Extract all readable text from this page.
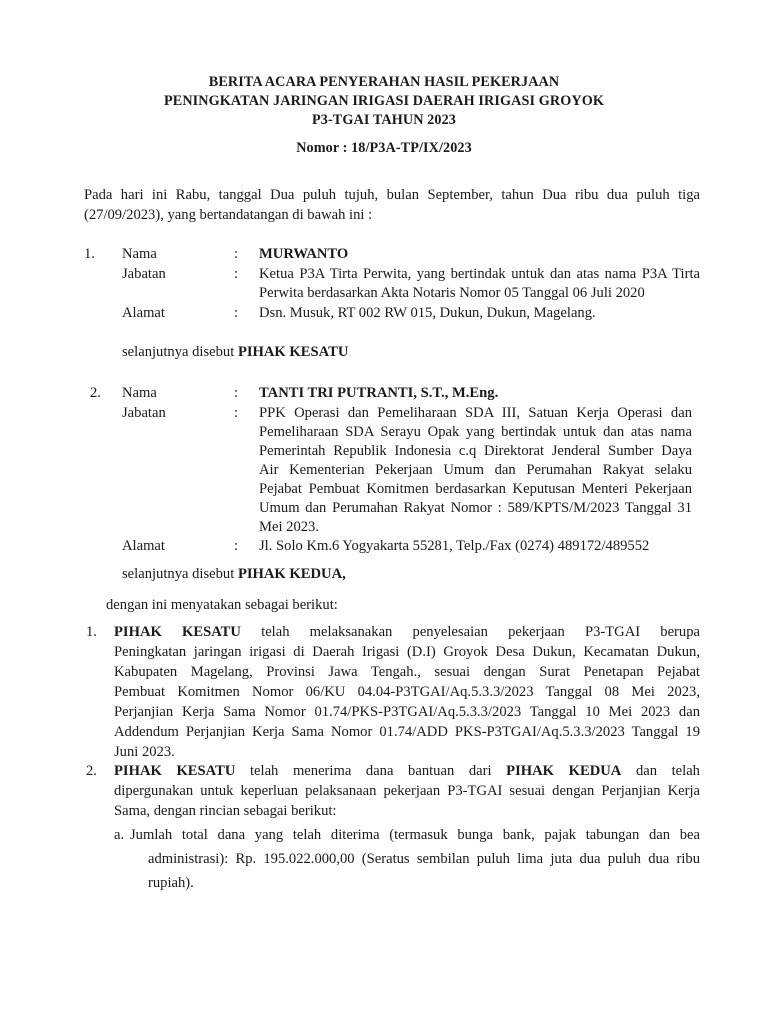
BERITA ACARA PENYERAHAN HASIL PEKERJAAN
PENINGKATAN JARINGAN IRIGASI DAERAH IRIGASI GROYOK
P3-TGAI TAHUN 2023
Nomor : 18/P3A-TP/IX/2023
Pada hari ini Rabu, tanggal Dua puluh tujuh, bulan September, tahun Dua ribu dua puluh tiga
(27/09/2023), yang bertandatangan di bawah ini :
1. Nama	: MURWANTO
Jabatan	: Ketua P3A Tirta Perwita, yang bertindak untuk dan atas nama P3A Tirta
Perwita berdasarkan Akta Notaris Nomor 05 Tanggal 06 Juli 2020
Alamat	: Dsn. Musuk, RT 002 RW 015, Dukun, Dukun, Magelang.
selanjutnya disebut PIHAK KESATU
2. Nama	: TANTI TRI PUTRANTI, S.T., M.Eng.
Jabatan	: PPK Operasi dan Pemeliharaan SDA III, Satuan Kerja Operasi dan
Pemeliharaan SDA Serayu Opak yang bertindak untuk dan atas nama
Pemerintah Republik Indonesia c.q Direktorat Jenderal Sumber Daya
Air Kementerian Pekerjaan Umum dan Perumahan Rakyat selaku
Pejabat Pembuat Komitmen berdasarkan Keputusan Menteri Pekerjaan
Umum dan Perumahan Rakyat Nomor : 589/KPTS/M/2023 Tanggal 31
Mei 2023.
Alamat	: Jl. Solo Km.6 Yogyakarta 55281, Telp./Fax (0274) 489172/489552
selanjutnya disebut PIHAK KEDUA,
dengan ini menyatakan sebagai berikut:
1. PIHAK KESATU telah melaksanakan penyelesaian pekerjaan P3-TGAI berupa
Peningkatan jaringan irigasi di Daerah Irigasi (D.I) Groyok Desa Dukun, Kecamatan Dukun,
Kabupaten Magelang, Provinsi Jawa Tengah., sesuai dengan Surat Penetapan Pejabat
Pembuat Komitmen Nomor 06/KU 04.04-P3TGAI/Aq.5.3.3/2023 Tanggal 08 Mei 2023,
Perjanjian Kerja Sama Nomor 01.74/PKS-P3TGAI/Aq.5.3.3/2023 Tanggal 10 Mei 2023 dan
Addendum Perjanjian Kerja Sama Nomor 01.74/ADD PKS-P3TGAI/Aq.5.3.3/2023 Tanggal 19
Juni 2023.
2. PIHAK KESATU telah menerima dana bantuan dari PIHAK KEDUA dan telah
dipergunakan untuk keperluan pelaksanaan pekerjaan P3-TGAI sesuai dengan Perjanjian Kerja
Sama, dengan rincian sebagai berikut:
a. Jumlah total dana yang telah diterima (termasuk bunga bank, pajak tabungan dan bea
administrasi): Rp. 195.022.000,00 (Seratus sembilan puluh lima juta dua puluh dua ribu
rupiah).
